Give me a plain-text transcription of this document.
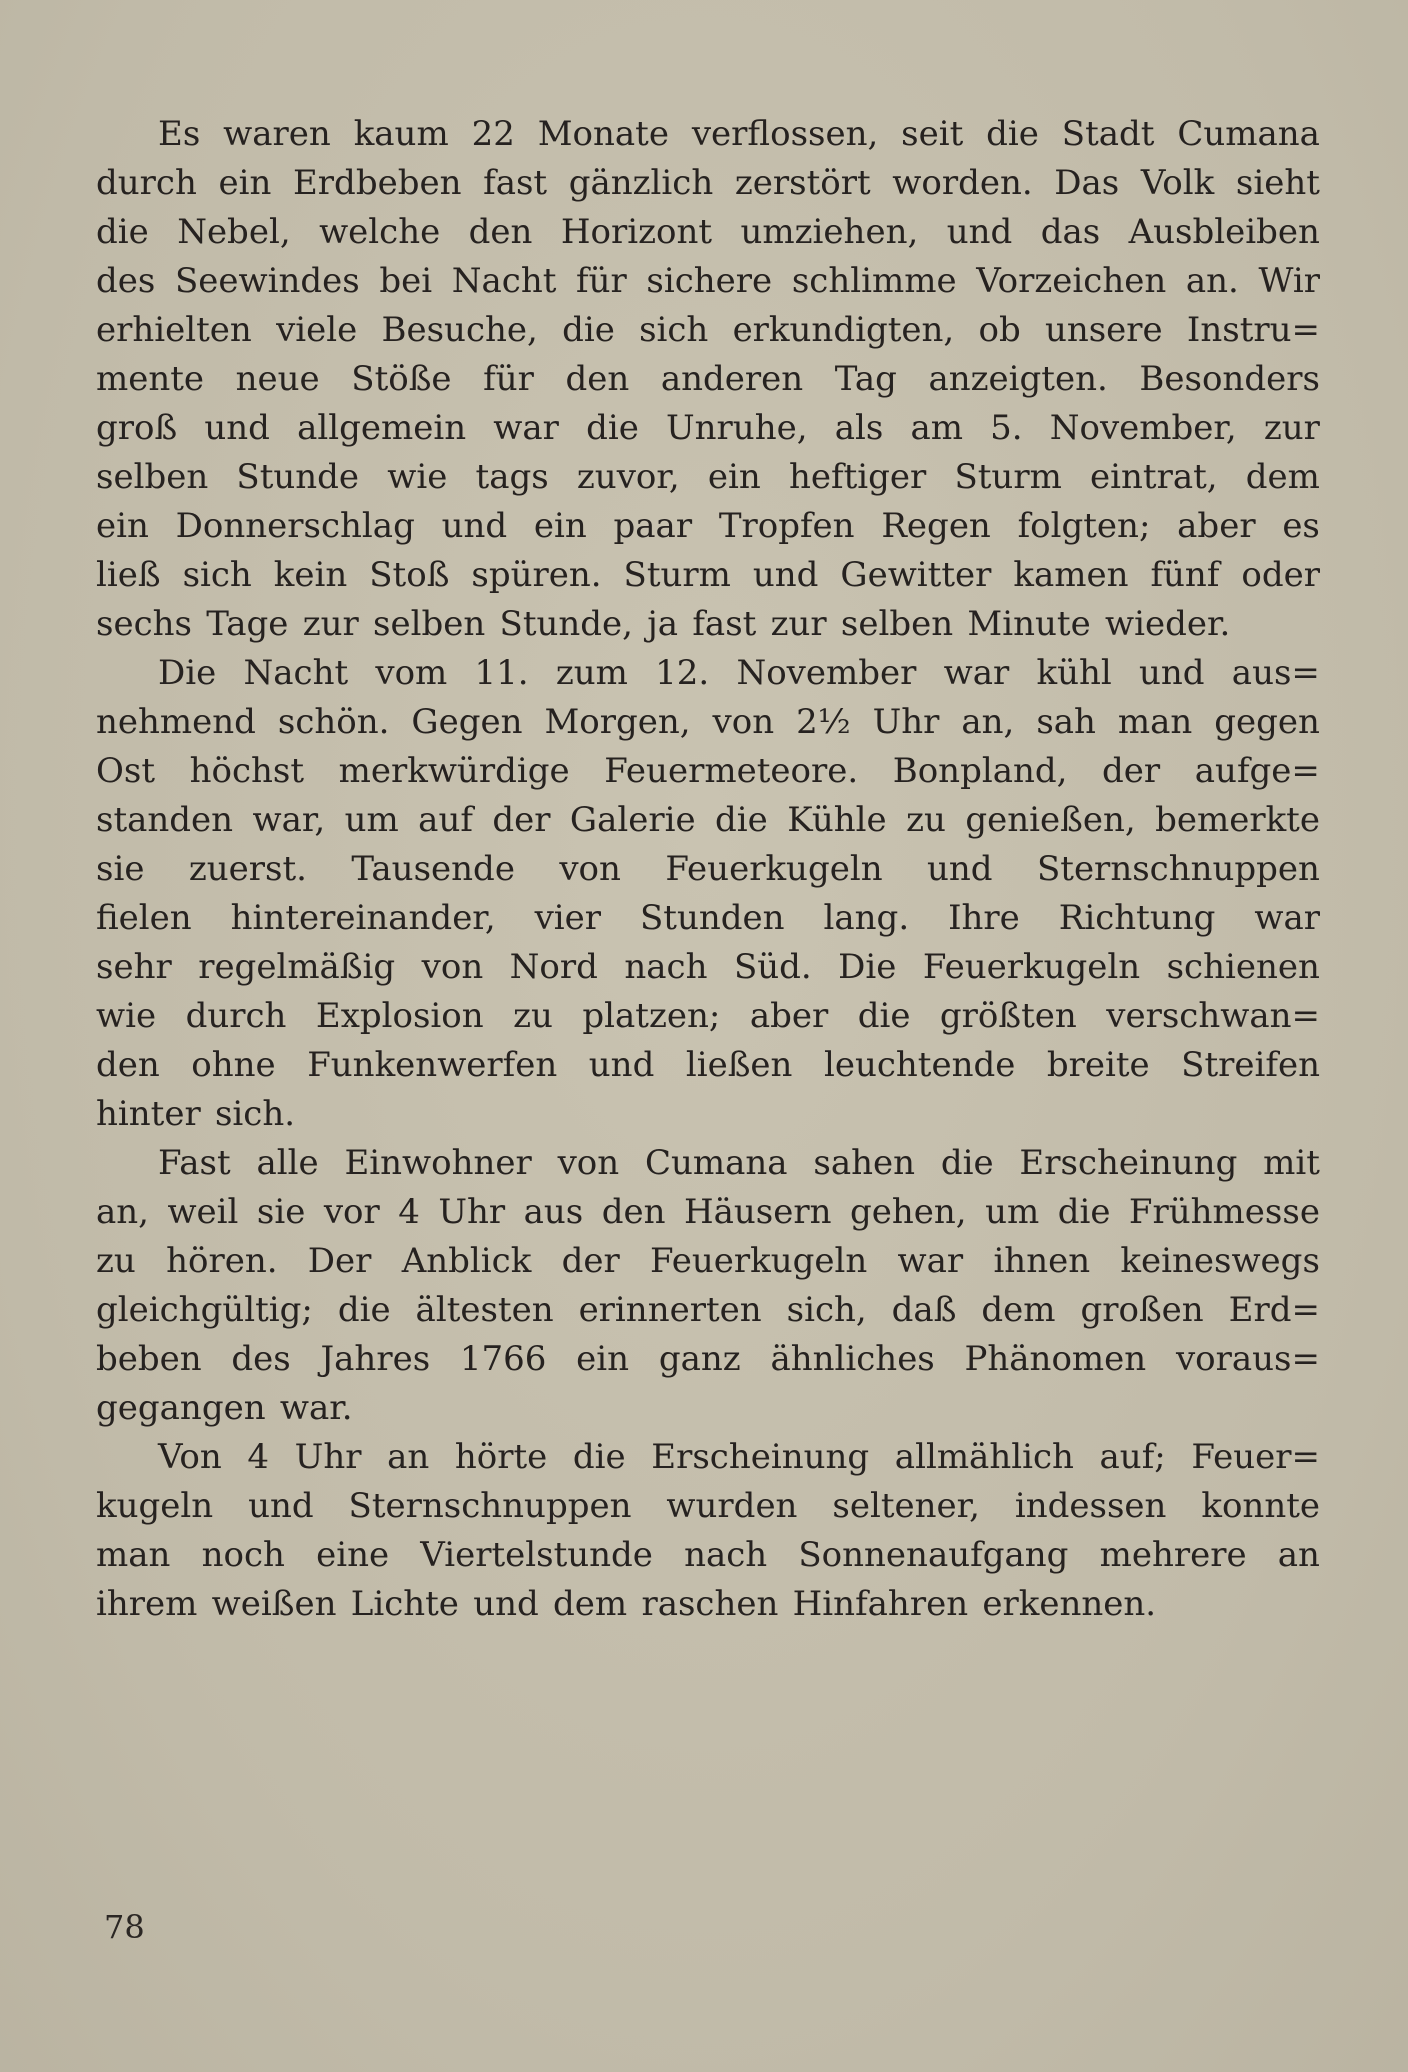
Es waren kaum 22 Monate verflossen, seit die Stadt Cumana
durch ein Erdbeben fast gänzlich zerstört worden. Das Volk sieht
die Nebel, welche den Horizont umziehen, und das Ausbleiben
des Seewindes bei Nacht für sichere schlimme Vorzeichen an. Wir
erhielten viele Besuche, die sich erkundigten, ob unsere Instru=
mente neue Stöße für den anderen Tag anzeigten. Besonders
groß und allgemein war die Unruhe, als am 5. November, zur
selben Stunde wie tags zuvor, ein heftiger Sturm eintrat, dem
ein Donnerschlag und ein paar Tropfen Regen folgten; aber es
ließ sich kein Stoß spüren. Sturm und Gewitter kamen fünf oder
sechs Tage zur selben Stunde, ja fast zur selben Minute wieder.
Die Nacht vom 11. zum 12. November war kühl und aus=
nehmend schön. Gegen Morgen, von 2½ Uhr an, sah man gegen
Ost höchst merkwürdige Feuermeteore. Bonpland, der aufge=
standen war, um auf der Galerie die Kühle zu genießen, bemerkte
sie zuerst. Tausende von Feuerkugeln und Sternschnuppen
fielen hintereinander, vier Stunden lang. Ihre Richtung war
sehr regelmäßig von Nord nach Süd. Die Feuerkugeln schienen
wie durch Explosion zu platzen; aber die größten verschwan=
den ohne Funkenwerfen und ließen leuchtende breite Streifen
hinter sich.
Fast alle Einwohner von Cumana sahen die Erscheinung mit
an, weil sie vor 4 Uhr aus den Häusern gehen, um die Frühmesse
zu hören. Der Anblick der Feuerkugeln war ihnen keineswegs
gleichgültig; die ältesten erinnerten sich, daß dem großen Erd=
beben des Jahres 1766 ein ganz ähnliches Phänomen voraus=
gegangen war.
Von 4 Uhr an hörte die Erscheinung allmählich auf; Feuer=
kugeln und Sternschnuppen wurden seltener, indessen konnte
man noch eine Viertelstunde nach Sonnenaufgang mehrere an
ihrem weißen Lichte und dem raschen Hinfahren erkennen.
78
